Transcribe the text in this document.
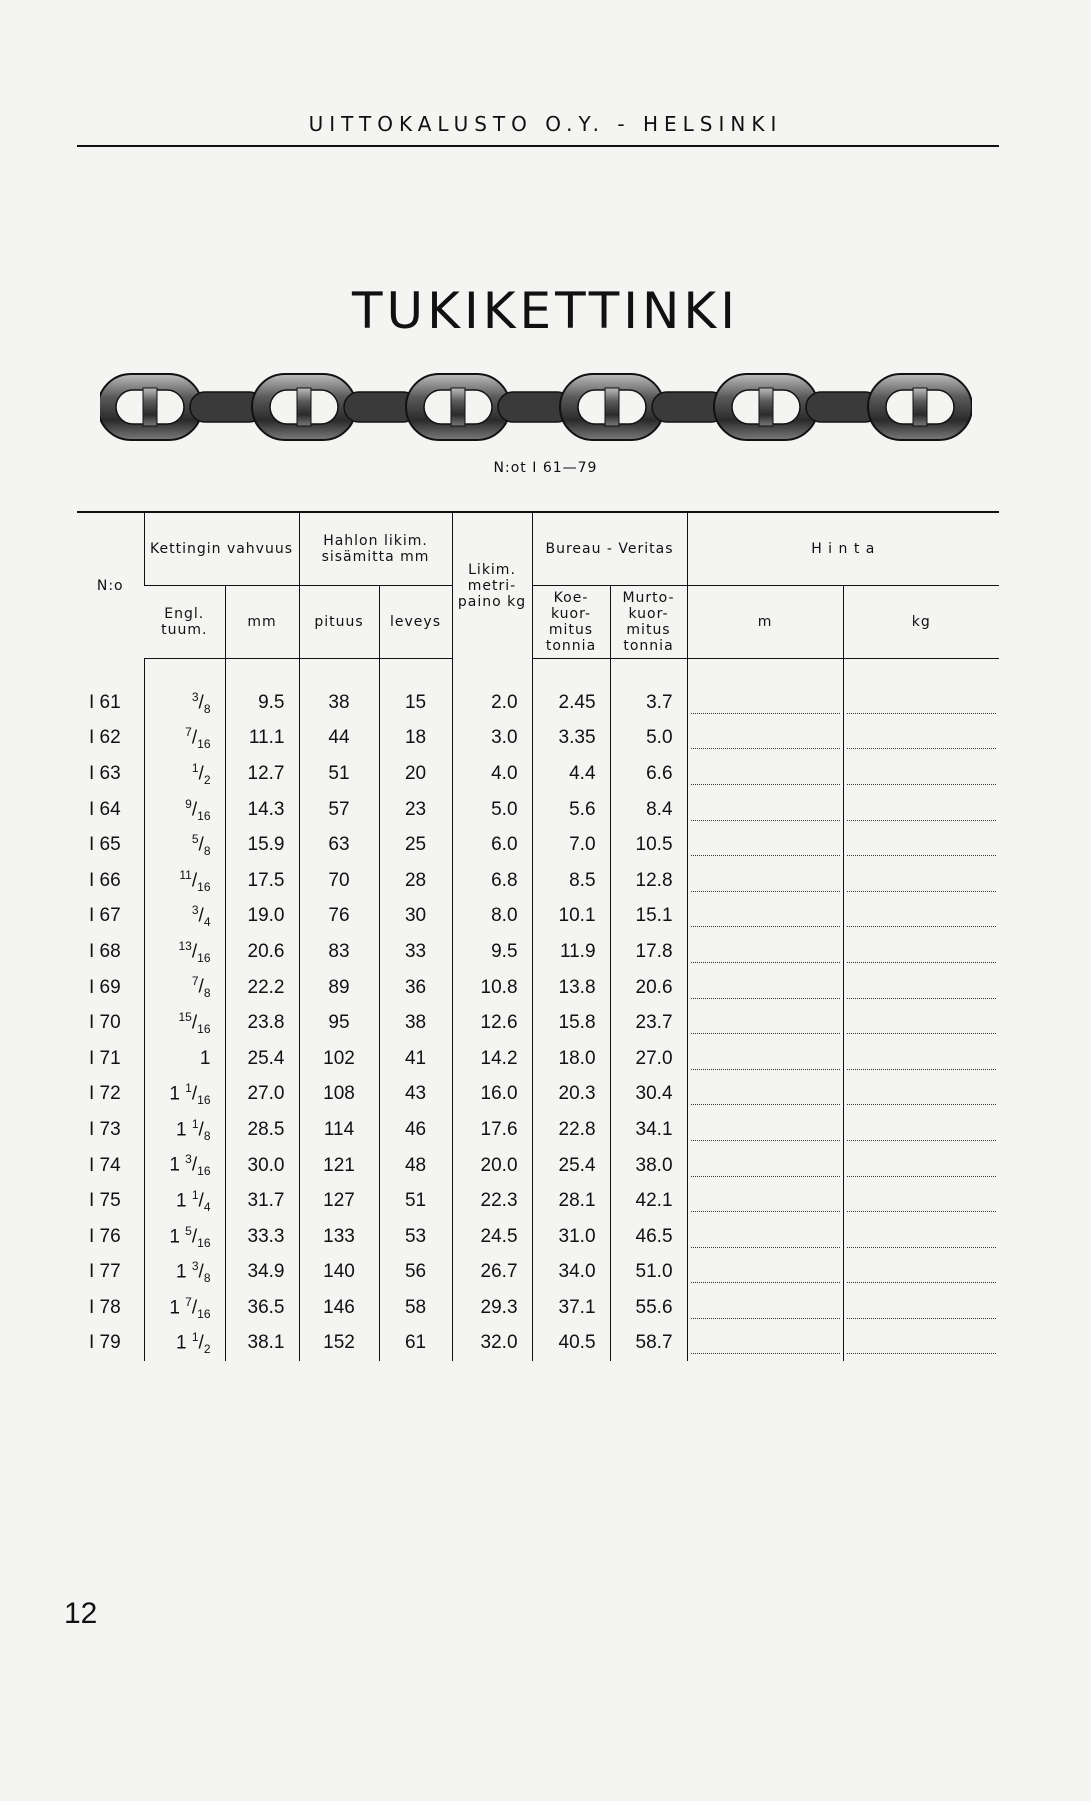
UITTOKALUSTO O.Y. - HELSINKI
TUKIKETTINKI
N:ot I 61—79
N:o	Kettingin vahvuus		Hahlon likim. sisämitta mm		Likim. metri- paino kg	Bureau - Veritas		H i n t a	
	Engl. tuum.	mm	pituus	leveys		Koe- kuor- mitus tonnia	Murto- kuor- mitus tonnia	m	kg

I 61	$^3/_8$	9.5	38	15	2.0	2.45	3.7	

I 62	$^7/_{16}$	11.1	44	18	3.0	3.35	5.0	

I 63	$^1/_2$	12.7	51	20	4.0	4.4	6.6	

I 64	$^9/_{16}$	14.3	57	23	5.0	5.6	8.4	

I 65	$^5/_8$	15.9	63	25	6.0	7.0	10.5	

I 66	$^{11}/_{16}$	17.5	70	28	6.8	8.5	12.8	

I 67	$^3/_4$	19.0	76	30	8.0	10.1	15.1	

I 68	$^{13}/_{16}$	20.6	83	33	9.5	11.9	17.8	

I 69	$^7/_8$	22.2	89	36	10.8	13.8	20.6	

I 70	$^{15}/_{16}$	23.8	95	38	12.6	15.8	23.7	

I 71	1	25.4	102	41	14.2	18.0	27.0	

I 72	1 $^1/_{16}$	27.0	108	43	16.0	20.3	30.4	

I 73	1 $^1/_8$	28.5	114	46	17.6	22.8	34.1	

I 74	1 $^3/_{16}$	30.0	121	48	20.0	25.4	38.0	

I 75	1 $^1/_4$	31.7	127	51	22.3	28.1	42.1	

I 76	1 $^5/_{16}$	33.3	133	53	24.5	31.0	46.5	

I 77	1 $^3/_8$	34.9	140	56	26.7	34.0	51.0	

I 78	1 $^7/_{16}$	36.5	146	58	29.3	37.1	55.6	

I 79	1 $^1/_2$	38.1	152	61	32.0	40.5	58.7	

12
